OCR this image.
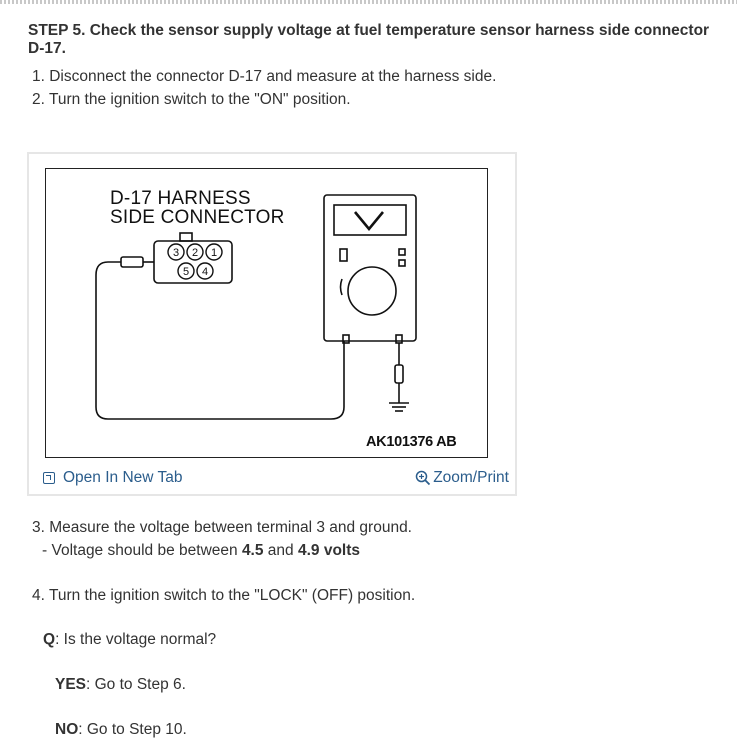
STEP 5. Check the sensor supply voltage at fuel temperature sensor harness side connector D-17.
1. Disconnect the connector D-17 and measure at the harness side.
2. Turn the ignition switch to the "ON" position.
3 2 1
5 4
D-17 HARNESS
SIDE CONNECTOR
AK101376 AB
Open In New Tab	Zoom/Print
3. Measure the voltage between terminal 3 and ground.
- Voltage should be between 4.5 and 4.9 volts
4. Turn the ignition switch to the "LOCK" (OFF) position.
Q: Is the voltage normal?
YES: Go to Step 6.
NO: Go to Step 10.
